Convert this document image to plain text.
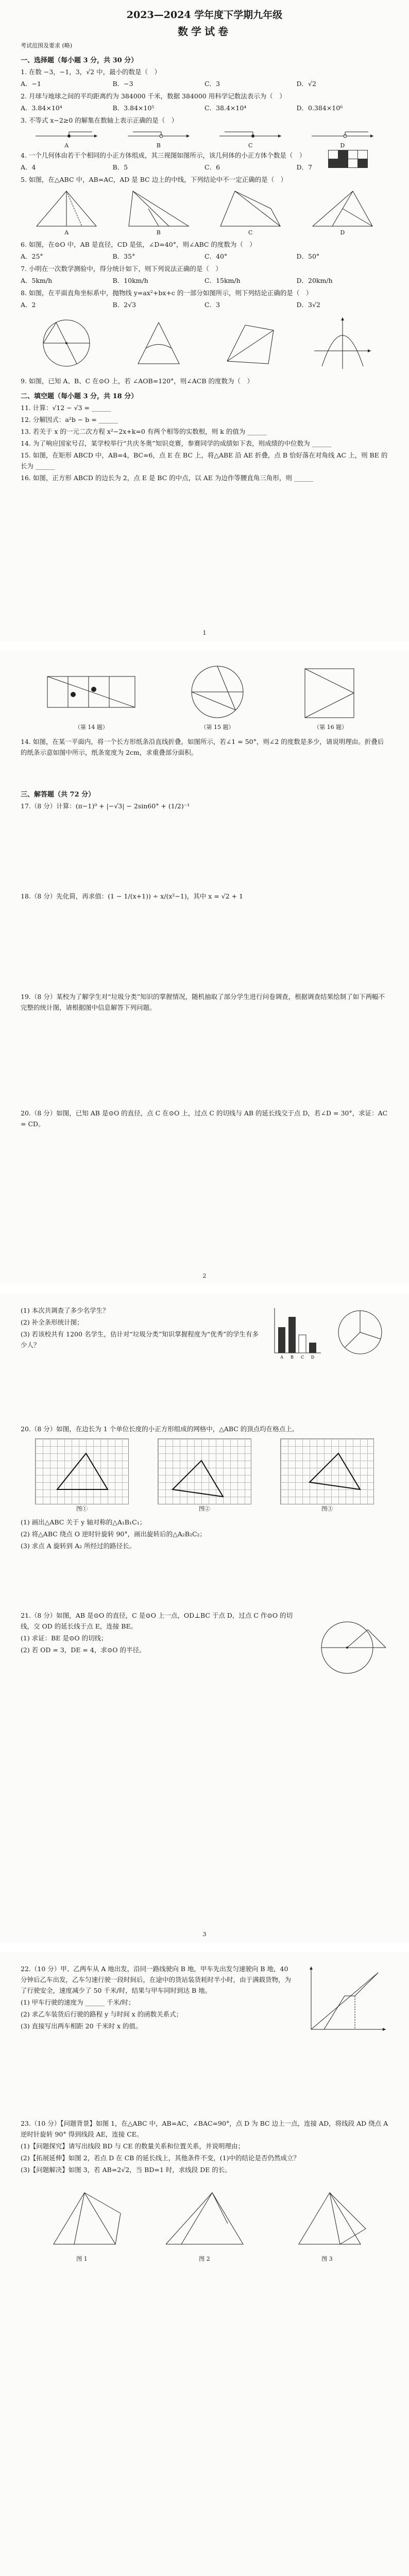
2023—2024 学年度下学期九年级

数学试卷

考试范围及要求 (略)

一、选择题（每小题 3 分，共 30 分）

1. 在数 −3，−1，3，√2 中，最小的数是（　）

A．−1	B．−3	C．3	D．√2

2. 月球与地球之间的平均距离约为 384000 千米，数据 384000 用科学记数法表示为（　）

A．3.84×10⁴	B．3.84×10⁵	C．38.4×10⁴	D．0.384×10⁶

3. 不等式 x−2≥0 的解集在数轴上表示正确的是（　）

A	B	C	D

4. 一个几何体由若干个相同的小正方体组成，其三视图如图所示，该几何体的小正方体个数是（　）

A．4	B．5	C．6	D．7

5. 如图，在△ABC 中，AB=AC，AD 是 BC 边上的中线，下列结论中不一定正确的是（　）

A	B	C	D

6. 如图，在⊙O 中，AB 是直径，CD 是弦，∠D=40°，则∠ABC 的度数为（　）

A．25°	B．35°	C．40°	D．50°

7. 小明在一次数学测验中，得分统计如下，则下列说法正确的是（　）

A．5km/h	B．10km/h	C．15km/h	D．20km/h

8. 如图，在平面直角坐标系中，抛物线 y=ax²+bx+c 的一部分如图所示，则下列结论正确的是（　）

A．2	B．2√3	C．3	D．3√2

9. 如图，已知 A、B、C 在⊙O 上，若 ∠AOB=120°，则∠ACB 的度数为（　）

二、填空题（每小题 3 分，共 18 分）

11. 计算：√12 − √3 = ______

12. 分解因式：a²b − b = ______

13. 若关于 x 的一元二次方程 x²−2x+k=0 有两个相等的实数根，则 k 的值为 ______

14. 为了响应国家号召，某学校举行“共庆冬奥”知识竞赛，参赛同学的成绩如下表，则成绩的中位数为 ______

15. 如图，在矩形 ABCD 中，AB=4，BC=6，点 E 在 BC 上，将△ABE 沿 AE 折叠，点 B 恰好落在对角线 AC 上，则 BE 的长为 ______

16. 如图，正方形 ABCD 的边长为 2，点 E 是 BC 的中点，以 AE 为边作等腰直角三角形，则 ______

1
（第 14 题）	（第 15 题）	（第 16 题）

14. 如图，在某一平面内，将一个长方形纸条沿直线折叠，如图所示，若∠1 = 50°，则∠2 的度数是多少，请说明理由。折叠后的纸条示意如图中所示，纸条宽度为 2cm，求重叠部分面积。

三、解答题（共 72 分）

17.（8 分）计算：(π−1)⁰ + |−√3| − 2sin60° + (1/2)⁻¹

18.（8 分）先化简，再求值：(1 − 1/(x+1)) ÷ x/(x²−1)，其中 x = √2 + 1

19.（8 分）某校为了解学生对“垃圾分类”知识的掌握情况，随机抽取了部分学生进行问卷调查，根据调查结果绘制了如下两幅不完整的统计图，请根据图中信息解答下列问题。

20.（8 分）如图，已知 AB 是⊙O 的直径，点 C 在⊙O 上，过点 C 的切线与 AB 的延长线交于点 D，若∠D = 30°，求证：AC = CD。

2

(1) 本次共调查了多少名学生？

(2) 补全条形统计图；

(3) 若该校共有 1200 名学生，估计对“垃圾分类”知识掌握程度为“优秀”的学生有多少人？

A B C D

20.（8 分）如图，在边长为 1 个单位长度的小正方形组成的网格中，△ABC 的顶点均在格点上。

图①	图②	图③

(1) 画出△ABC 关于 y 轴对称的△A₁B₁C₁；

(2) 将△ABC 绕点 O 逆时针旋转 90°，画出旋转后的△A₂B₂C₂；

(3) 求点 A 旋转到 A₂ 所经过的路径长。

21.（8 分）如图，AB 是⊙O 的直径，C 是⊙O 上一点，OD⊥BC 于点 D，过点 C 作⊙O 的切线，交 OD 的延长线于点 E，连接 BE。

(1) 求证：BE 是⊙O 的切线；

(2) 若 OD = 3，DE = 4，求⊙O 的半径。

3

22.（10 分）甲、乙两车从 A 地出发，沿同一路线驶向 B 地，甲车先出发匀速驶向 B 地，40 分钟后乙车出发，乙车匀速行驶一段时间后，在途中的货站装货耗时半小时，由于满载货物，为了行驶安全，速度减少了 50 千米/时，结果与甲车同时到达 B 地。

(1) 甲车行驶的速度为 ______ 千米/时；

(2) 求乙车装货后行驶的路程 y 与时间 x 的函数关系式；

(3) 直接写出两车相距 20 千米时 x 的值。

23.（10 分）【问题背景】如图 1，在△ABC 中，AB=AC，∠BAC=90°，点 D 为 BC 边上一点，连接 AD，将线段 AD 绕点 A 逆时针旋转 90° 得到线段 AE，连接 CE。

(1)【问题探究】请写出线段 BD 与 CE 的数量关系和位置关系，并说明理由；

(2)【拓展延伸】如图 2，若点 D 在 CB 的延长线上，其他条件不变，(1)中的结论是否仍然成立？

(3)【问题解决】如图 3，若 AB=2√2，当 BD=1 时，求线段 DE 的长。

图 1	图 2	图 3
